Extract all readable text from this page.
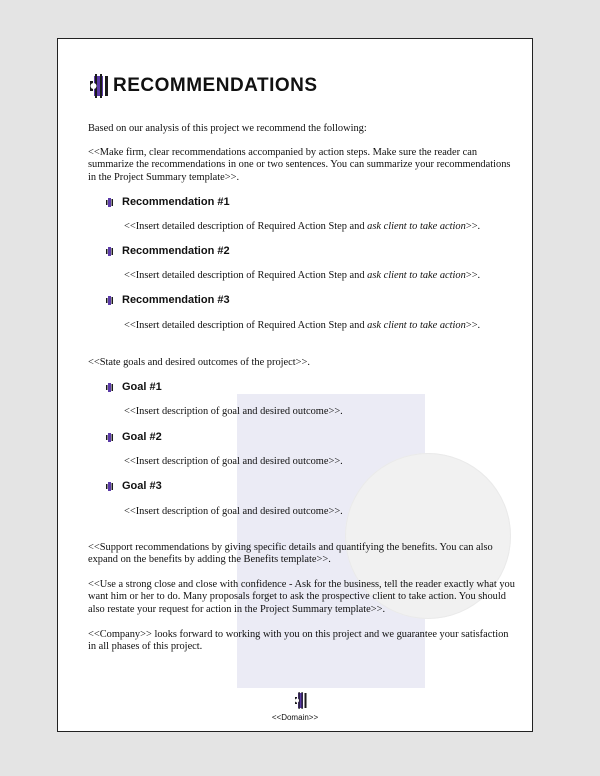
RECOMMENDATIONS
Based on our analysis of this project we recommend the following:
<<Make firm, clear recommendations accompanied by action steps. Make sure the reader can summarize the recommendations in one or two sentences. You can summarize your recommendations in the Project Summary template>>.
Recommendation #1
<<Insert detailed description of Required Action Step and ask client to take action>>.
Recommendation #2
<<Insert detailed description of Required Action Step and ask client to take action>>.
Recommendation #3
<<Insert detailed description of Required Action Step and ask client to take action>>.
<<State goals and desired outcomes of the project>>.
Goal #1
<<Insert description of goal and desired outcome>>.
Goal #2
<<Insert description of goal and desired outcome>>.
Goal #3
<<Insert description of goal and desired outcome>>.
<<Support recommendations by giving specific details and quantifying the benefits. You can also expand on the benefits by adding the Benefits template>>.
<<Use a strong close and close with confidence - Ask for the business, tell the reader exactly what you want him or her to do. Many proposals forget to ask the prospective client to take action. You should also restate your request for action in the Project Summary template>>.
<<Company>> looks forward to working with you on this project and we guarantee your satisfaction in all phases of this project.
<<Domain>>
